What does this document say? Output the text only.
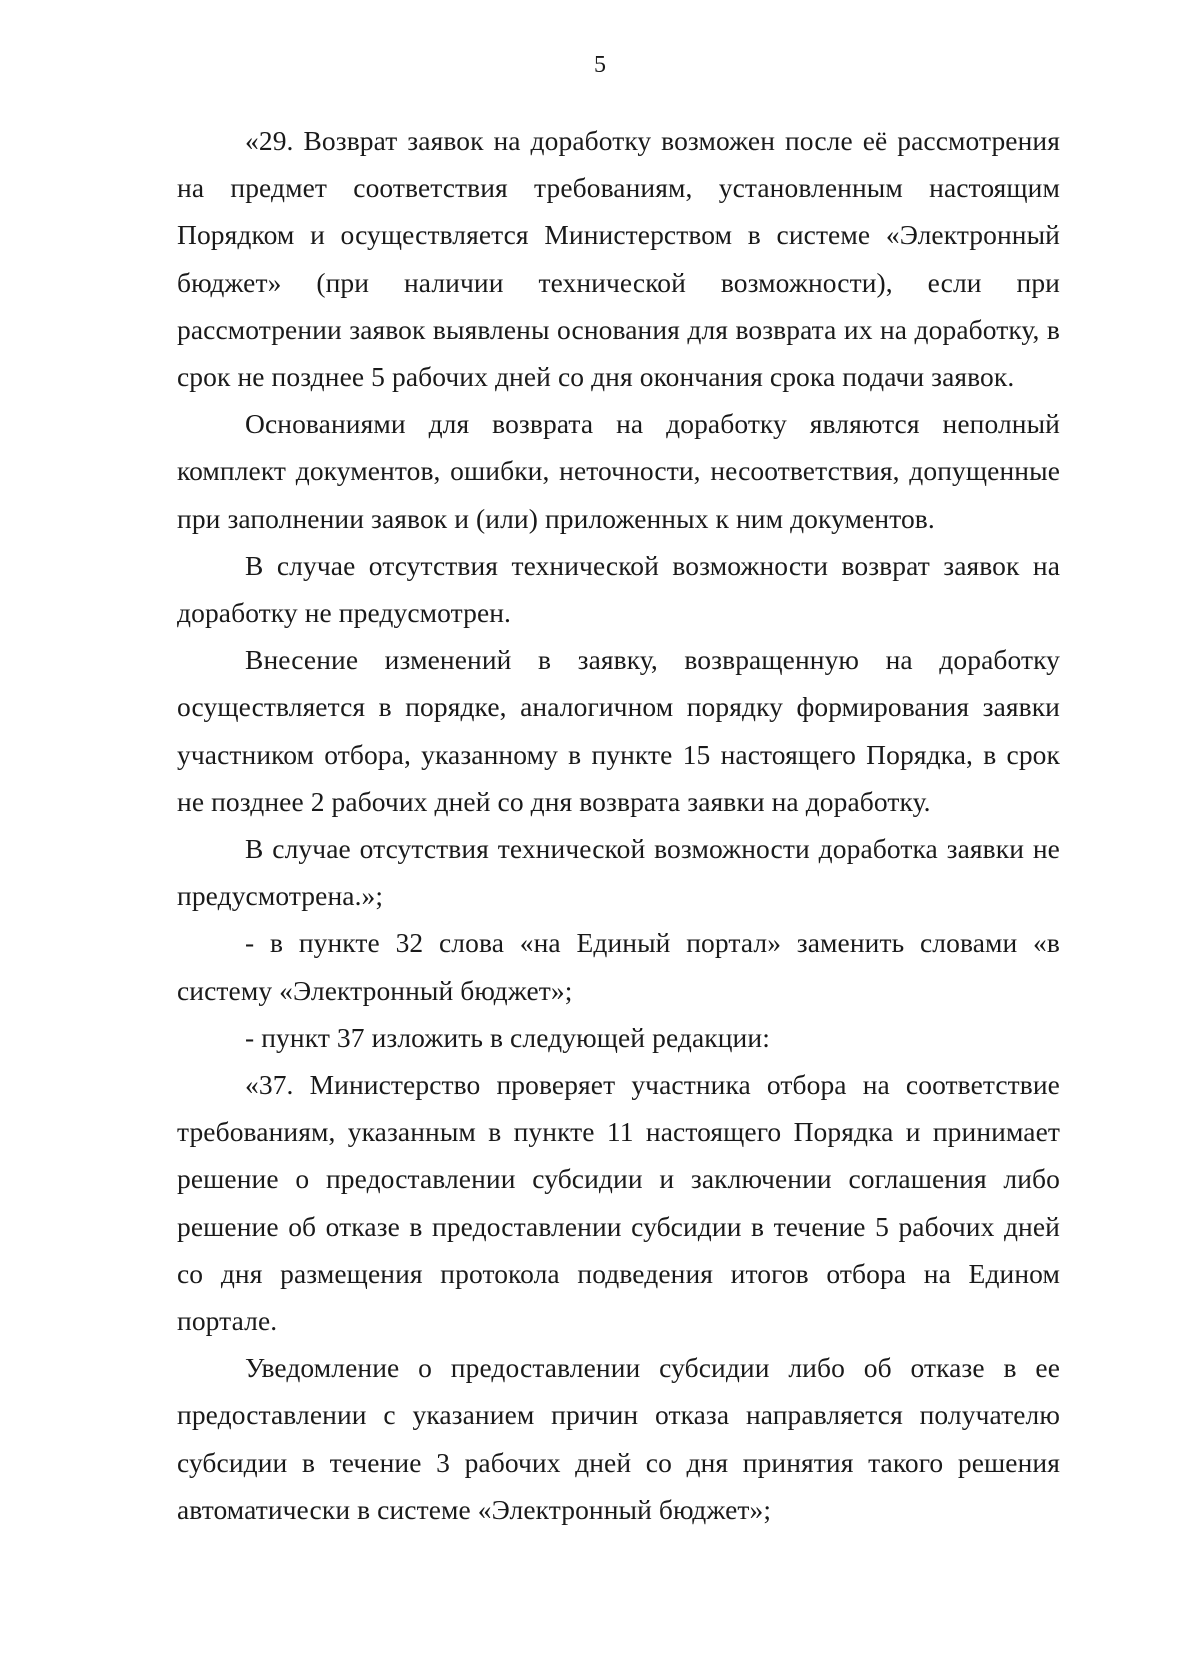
5

«29. Возврат заявок на доработку возможен после её рассмотрения на предмет соответствия требованиям, установленным настоящим Порядком и осуществляется Министерством в системе «Электронный бюджет» (при наличии технической возможности), если при рассмотрении заявок выявлены основания для возврата их на доработку, в срок не позднее 5 рабочих дней со дня окончания срока подачи заявок.

Основаниями для возврата на доработку являются неполный комплект документов, ошибки, неточности, несоответствия, допущенные при заполнении заявок и (или) приложенных к ним документов.

В случае отсутствия технической возможности возврат заявок на доработку не предусмотрен.

Внесение изменений в заявку, возвращенную на доработку осуществляется в порядке, аналогичном порядку формирования заявки участником отбора, указанному в пункте 15 настоящего Порядка, в срок не позднее 2 рабочих дней со дня возврата заявки на доработку.

В случае отсутствия технической возможности доработка заявки не предусмотрена.»;

- в пункте 32 слова «на Единый портал» заменить словами «в систему «Электронный бюджет»;

- пункт 37 изложить в следующей редакции:

«37. Министерство проверяет участника отбора на соответствие требованиям, указанным в пункте 11 настоящего Порядка и принимает решение о предоставлении субсидии и заключении соглашения либо решение об отказе в предоставлении субсидии в течение 5 рабочих дней со дня размещения протокола подведения итогов отбора на Едином портале.

Уведомление о предоставлении субсидии либо об отказе в ее предоставлении с указанием причин отказа направляется получателю субсидии в течение 3 рабочих дней со дня принятия такого решения автоматически в системе «Электронный бюджет»;
